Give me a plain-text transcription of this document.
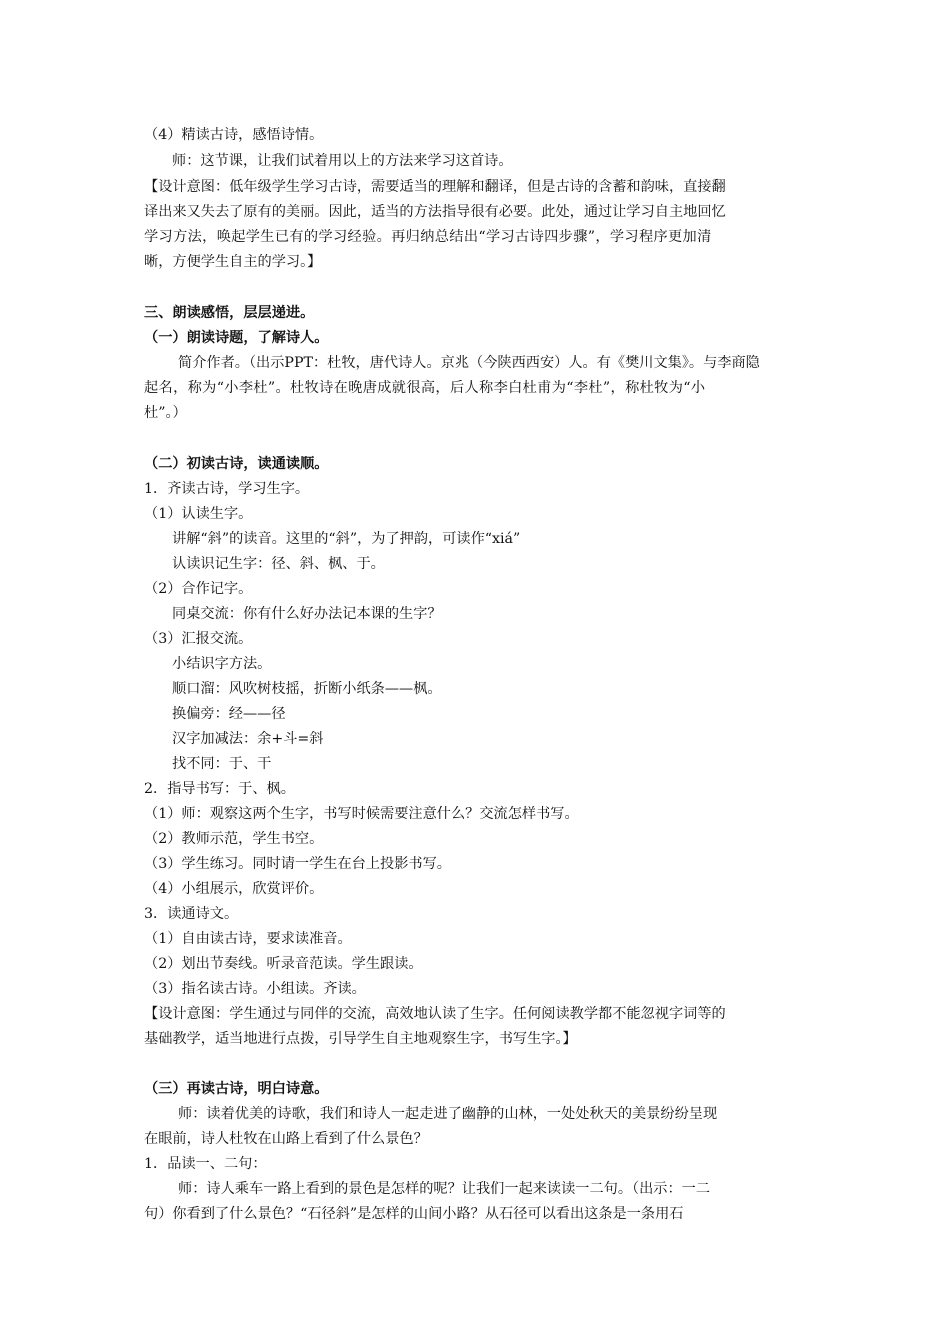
（4）精读古诗，感悟诗情。
师：这节课，让我们试着用以上的方法来学习这首诗。
【设计意图：低年级学生学习古诗，需要适当的理解和翻译，但是古诗的含蓄和韵味，直接翻
译出来又失去了原有的美丽。因此，适当的方法指导很有必要。此处，通过让学习自主地回忆
学习方法，唤起学生已有的学习经验。再归纳总结出“学习古诗四步骤”，学习程序更加清
晰，方便学生自主的学习。】
三、朗读感悟，层层递进。
（一）朗读诗题，了解诗人。
简介作者。（出示PPT：杜牧，唐代诗人。京兆（今陕西西安）人。有《樊川文集》。与李商隐
起名，称为“小李杜”。杜牧诗在晚唐成就很高，后人称李白杜甫为“李杜”，称杜牧为“小
杜”。）
（二）初读古诗，读通读顺。
1．齐读古诗，学习生字。
（1）认读生字。
讲解“斜”的读音。这里的“斜”，为了押韵，可读作“xiá”
认读识记生字：径、斜、枫、于。
（2）合作记字。
同桌交流：你有什么好办法记本课的生字？
（3）汇报交流。
小结识字方法。
顺口溜：风吹树枝摇，折断小纸条——枫。
换偏旁：经——径
汉字加减法：余+斗=斜
找不同：于、干
2．指导书写：于、枫。
（1）师：观察这两个生字，书写时候需要注意什么？交流怎样书写。
（2）教师示范，学生书空。
（3）学生练习。同时请一学生在台上投影书写。
（4）小组展示，欣赏评价。
3．读通诗文。
（1）自由读古诗，要求读准音。
（2）划出节奏线。听录音范读。学生跟读。
（3）指名读古诗。小组读。齐读。
【设计意图：学生通过与同伴的交流，高效地认读了生字。任何阅读教学都不能忽视字词等的
基础教学，适当地进行点拨，引导学生自主地观察生字，书写生字。】
（三）再读古诗，明白诗意。
师：读着优美的诗歌，我们和诗人一起走进了幽静的山林，一处处秋天的美景纷纷呈现
在眼前，诗人杜牧在山路上看到了什么景色？
1．品读一、二句：
师：诗人乘车一路上看到的景色是怎样的呢？让我们一起来读读一二句。（出示：一二
句）你看到了什么景色？“石径斜”是怎样的山间小路？从石径可以看出这条是一条用石
